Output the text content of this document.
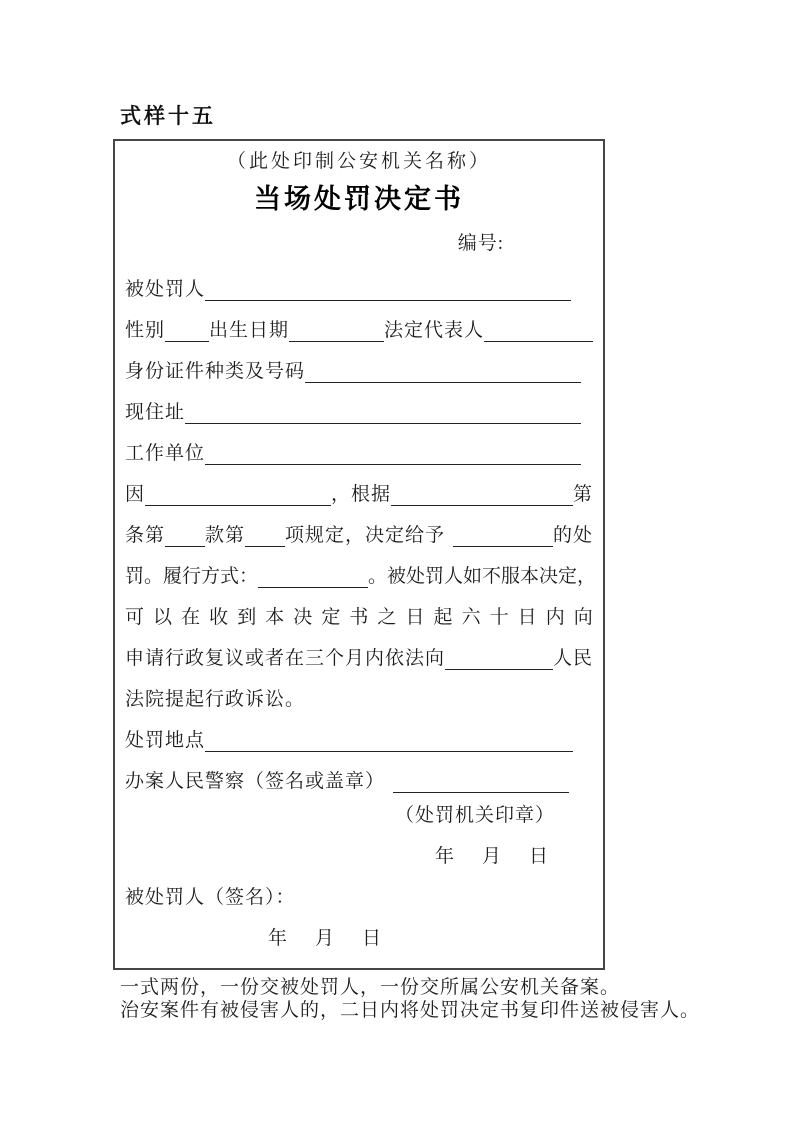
式样十五
（此处印制公安机关名称）
当场处罚决定书
编号:
被处罚人
性别 出生日期	法定代表人
身份证件种类及号码
现住址
工作单位
因	， 根据	第
条第 款第 项规定，决定给予	的处
罚。履行方式：	。被处罚人如不服本决定，
可 以 在 收 到 本 决 定 书 之 日 起 六 十 日 内 向
申请行政复议或者在三个月内依法向	人民
法院提起行政诉讼。
处罚地点
办案人民警察（签名或盖章）
（处罚机关印章）
年 月 日
被处罚人（签名）：
年 月 日
一式两份，一份交被处罚人，一份交所属公安机关备案。
治安案件有被侵害人的，二日内将处罚决定书复印件送被侵害人。
